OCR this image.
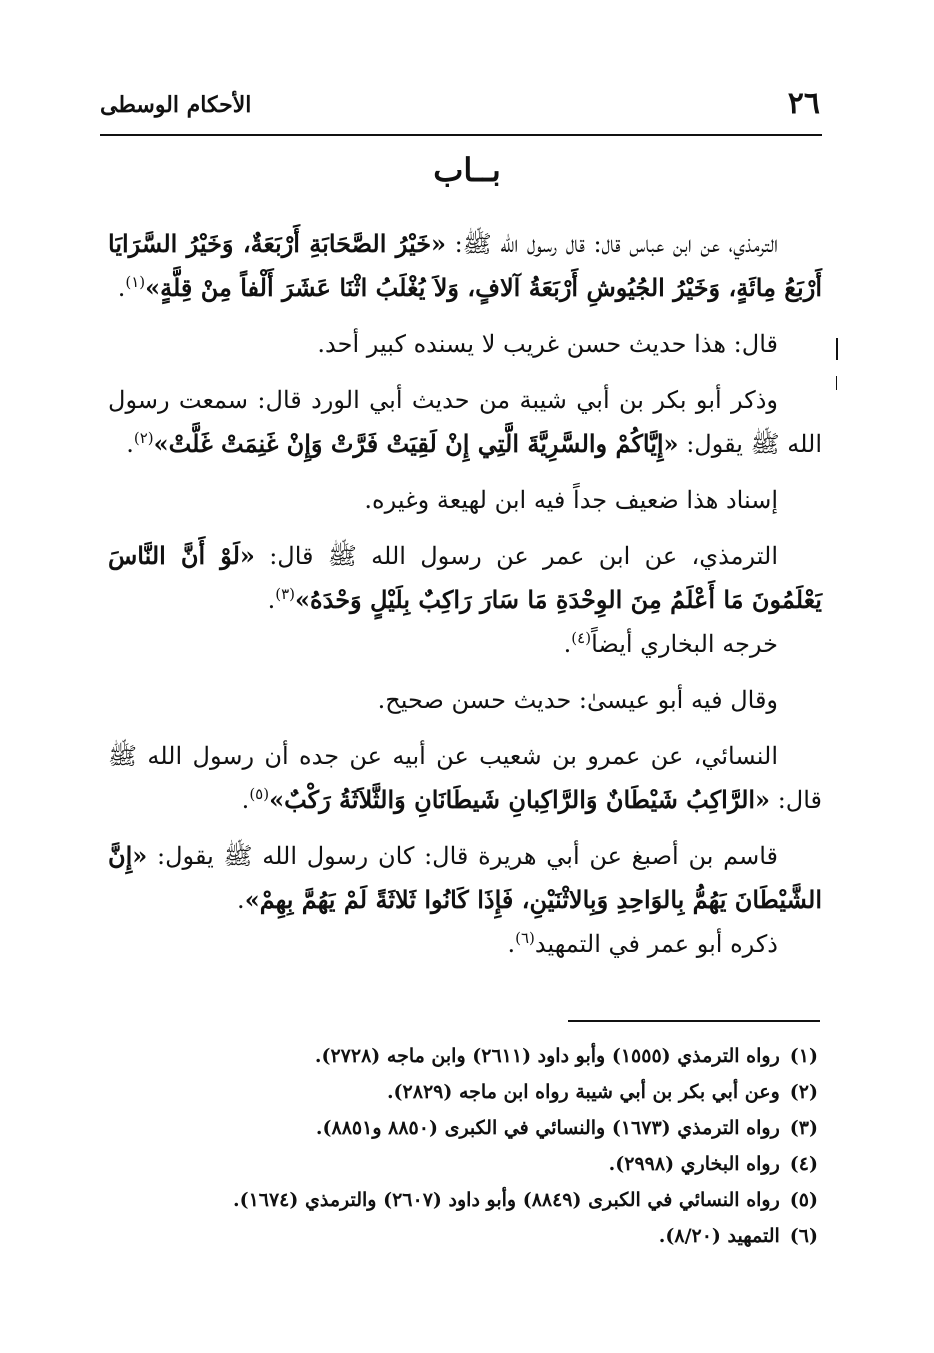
٢٦
الأحكام الوسطى
بــاب

الترمذي، عن ابن عباس قال: قال رسول الله ﷺ: «خَيْرُ الصَّحَابَةِ أَرْبَعَةٌ، وَخَيْرُ السَّرَايَا أَرْبَعُ مِائَةٍ، وَخَيْرُ الجُيُوشِ أَرْبَعَةُ آلافٍ، وَلاَ يُغْلَبُ اثْنَا عَشَرَ أَلْفاً مِنْ قِلَّةٍ»$^{(١)}$.

قال: هذا حديث حسن غريب لا يسنده كبير أحد.

وذكر أبو بكر بن أبي شيبة من حديث أبي الورد قال: سمعت رسول الله ﷺ يقول: «إِيَّاكُمْ والسَّرِيَّةَ الَّتِي إِنْ لَقِيَتْ فَرَّتْ وَإِنْ غَنِمَتْ غَلَّتْ»$^{(٢)}$.

إسناد هذا ضعيف جداً فيه ابن لهيعة وغيره.

الترمذي، عن ابن عمر عن رسول الله ﷺ قال: «لَوْ أَنَّ النَّاسَ يَعْلَمُونَ مَا أَعْلَمُ مِنَ الوِحْدَةِ مَا سَارَ رَاكِبٌ بِلَيْلٍ وَحْدَهُ»$^{(٣)}$.

خرجه البخاري أيضاً$^{(٤)}$.

وقال فيه أبو عيسىٰ: حديث حسن صحيح.

النسائي، عن عمرو بن شعيب عن أبيه عن جده أن رسول الله ﷺ قال: «الرَّاكِبُ شَيْطَانٌ وَالرَّاكِبانِ شَيطَانَانِ وَالثَّلاَثَةُ رَكْبٌ»$^{(٥)}$.

قاسم بن أصبغ عن أبي هريرة قال: كان رسول الله ﷺ يقول: «إِنَّ الشَّيْطَانَ يَهُمُّ بِالوَاحِدِ وَبِالاثْنَيْنِ، فَإِذَا كَانُوا ثَلاثَةً لَمْ يَهُمَّ بِهِمْ».

ذكره أبو عمر في التمهيد$^{(٦)}$.

(١)رواه الترمذي (١٥٥٥) وأبو داود (٢٦١١) وابن ماجه (٢٧٢٨).
(٢)وعن أبي بكر بن أبي شيبة رواه ابن ماجه (٢٨٢٩).
(٣)رواه الترمذي (١٦٧٣) والنسائي في الكبرى (٨٨٥٠ و٨٨٥١).
(٤)رواه البخاري (٢٩٩٨).
(٥)رواه النسائي في الكبرى (٨٨٤٩) وأبو داود (٢٦٠٧) والترمذي (١٦٧٤).
(٦)التمهيد (٨/٢٠).
